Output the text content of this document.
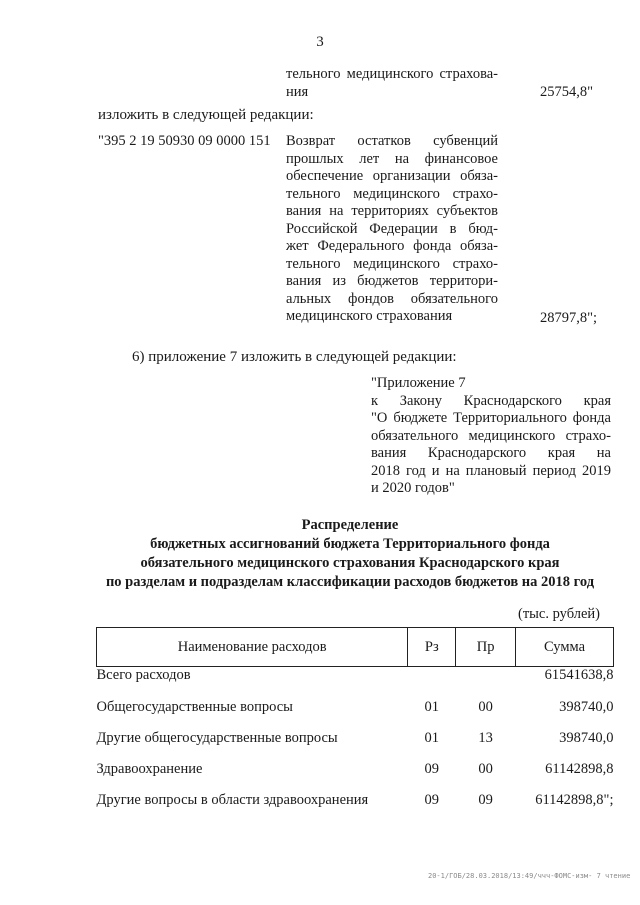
3
тельного медицинского страхова-
ния	25754,8"
изложить в следующей редакции:
"395 2 19 50930 09 0000 151 Возврат остатков субвенций
прошлых лет на финансовое
обеспечение организации обяза-
тельного медицинского страхо-
вания на территориях субъектов
Российской Федерации в бюд-
жет Федерального фонда обяза-
тельного медицинского страхо-
вания из бюджетов территори-
альных фондов обязательного
медицинского страхования	28797,8";
6) приложение 7 изложить в следующей редакции:
"Приложение 7
к Закону Краснодарского края
"О бюджете Территориального фонда
обязательного медицинского страхо-
вания Краснодарского края на
2018 год и на плановый период 2019
и 2020 годов"
Распределение
бюджетных ассигнований бюджета Территориального фонда
обязательного медицинского страхования Краснодарского края
по разделам и подразделам классификации расходов бюджетов на 2018 год
(тыс. рублей)
Наименование расходов	Рз	Пр	Сумма
Всего расходов			61541638,8
Общегосударственные вопросы	01	00	398740,0
Другие общегосударственные вопросы	01	13	398740,0
Здравоохранение	09	00	61142898,8
Другие вопросы в области здравоохранения	09	09	61142898,8";
20-1/ГОБ/28.03.2018/13:49/ччч-ФОМС-изм- 7 чтение
